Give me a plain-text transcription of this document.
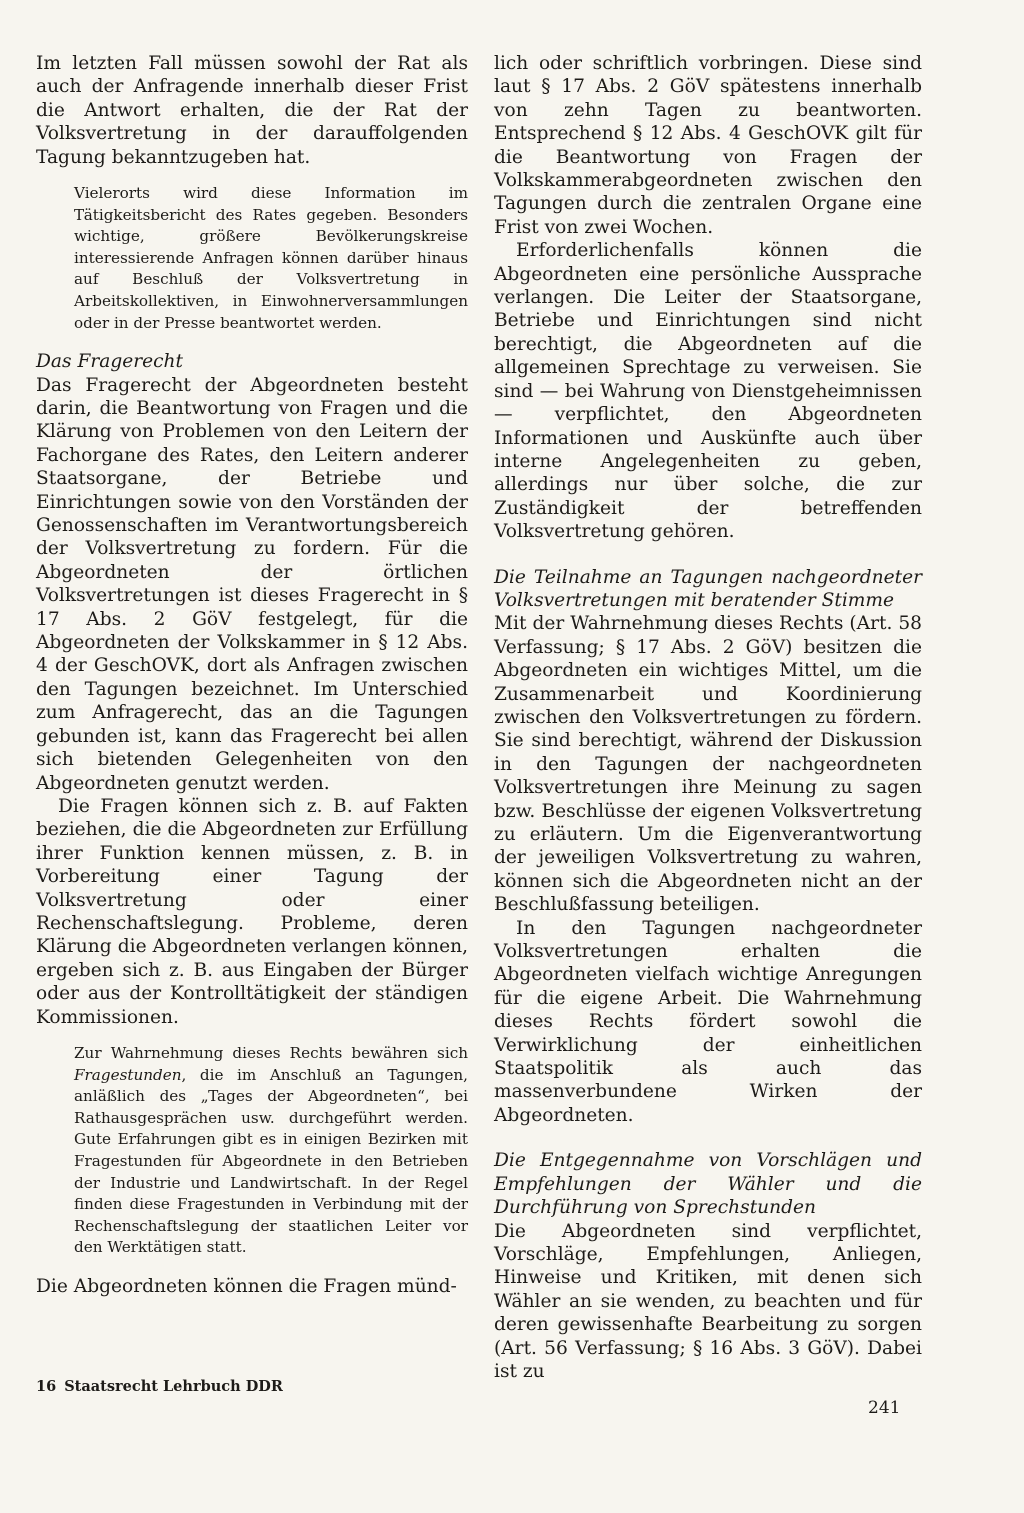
Im letzten Fall müssen sowohl der Rat als auch der Anfragende innerhalb dieser Frist die Antwort erhalten, die der Rat der Volksvertretung in der darauffolgenden Tagung bekanntzugeben hat.

Vielerorts wird diese Information im Tätigkeitsbericht des Rates gegeben. Besonders wichtige, größere Bevölkerungskreise interessierende Anfragen können darüber hinaus auf Beschluß der Volksvertretung in Arbeitskollektiven, in Einwohnerversammlungen oder in der Presse beantwortet werden.

Das Fragerecht

Das Fragerecht der Abgeordneten besteht darin, die Beantwortung von Fragen und die Klärung von Problemen von den Leitern der Fachorgane des Rates, den Leitern anderer Staatsorgane, der Betriebe und Einrichtungen sowie von den Vorständen der Genossenschaften im Verantwortungsbereich der Volksvertretung zu fordern. Für die Abgeordneten der örtlichen Volksvertretungen ist dieses Fragerecht in § 17 Abs. 2 GöV festgelegt, für die Abgeordneten der Volkskammer in § 12 Abs. 4 der GeschOVK, dort als Anfragen zwischen den Tagungen bezeichnet. Im Unterschied zum Anfragerecht, das an die Tagungen gebunden ist, kann das Fragerecht bei allen sich bietenden Gelegenheiten von den Abgeordneten genutzt werden.

Die Fragen können sich z. B. auf Fakten beziehen, die die Abgeordneten zur Erfüllung ihrer Funktion kennen müssen, z. B. in Vorbereitung einer Tagung der Volksvertretung oder einer Rechenschaftslegung. Probleme, deren Klärung die Abgeordneten verlangen können, ergeben sich z. B. aus Eingaben der Bürger oder aus der Kontrolltätigkeit der ständigen Kommissionen.

Zur Wahrnehmung dieses Rechts bewähren sich Fragestunden, die im Anschluß an Tagungen, anläßlich des „Tages der Abgeordneten“, bei Rathausgesprächen usw. durchgeführt werden. Gute Erfahrungen gibt es in einigen Bezirken mit Fragestunden für Abgeordnete in den Betrieben der Industrie und Landwirtschaft. In der Regel finden diese Fragestunden in Verbindung mit der Rechenschaftslegung der staatlichen Leiter vor den Werktätigen statt.

Die Abgeordneten können die Fragen münd-

lich oder schriftlich vorbringen. Diese sind laut § 17 Abs. 2 GöV spätestens innerhalb von zehn Tagen zu beantworten. Entsprechend § 12 Abs. 4 GeschOVK gilt für die Beantwortung von Fragen der Volkskammerabgeordneten zwischen den Tagungen durch die zentralen Organe eine Frist von zwei Wochen.

Erforderlichenfalls können die Abgeordneten eine persönliche Aussprache verlangen. Die Leiter der Staatsorgane, Betriebe und Einrichtungen sind nicht berechtigt, die Abgeordneten auf die allgemeinen Sprechtage zu verweisen. Sie sind — bei Wahrung von Dienstgeheimnissen — verpflichtet, den Abgeordneten Informationen und Auskünfte auch über interne Angelegenheiten zu geben, allerdings nur über solche, die zur Zuständigkeit der betreffenden Volksvertretung gehören.

Die Teilnahme an Tagungen nachgeordneter Volksvertretungen mit beratender Stimme

Mit der Wahrnehmung dieses Rechts (Art. 58 Verfassung; § 17 Abs. 2 GöV) besitzen die Abgeordneten ein wichtiges Mittel, um die Zusammenarbeit und Koordinierung zwischen den Volksvertretungen zu fördern. Sie sind berechtigt, während der Diskussion in den Tagungen der nachgeordneten Volksvertretungen ihre Meinung zu sagen bzw. Beschlüsse der eigenen Volksvertretung zu erläutern. Um die Eigenverantwortung der jeweiligen Volksvertretung zu wahren, können sich die Abgeordneten nicht an der Beschlußfassung beteiligen.

In den Tagungen nachgeordneter Volksvertretungen erhalten die Abgeordneten vielfach wichtige Anregungen für die eigene Arbeit. Die Wahrnehmung dieses Rechts fördert sowohl die Verwirklichung der einheitlichen Staatspolitik als auch das massenverbundene Wirken der Abgeordneten.

Die Entgegennahme von Vorschlägen und Empfehlungen der Wähler und die Durchführung von Sprechstunden

Die Abgeordneten sind verpflichtet, Vorschläge, Empfehlungen, Anliegen, Hinweise und Kritiken, mit denen sich Wähler an sie wenden, zu beachten und für deren gewissenhafte Bearbeitung zu sorgen (Art. 56 Verfassung; § 16 Abs. 3 GöV). Dabei ist zu

16 Staatsrecht Lehrbuch DDR
241
